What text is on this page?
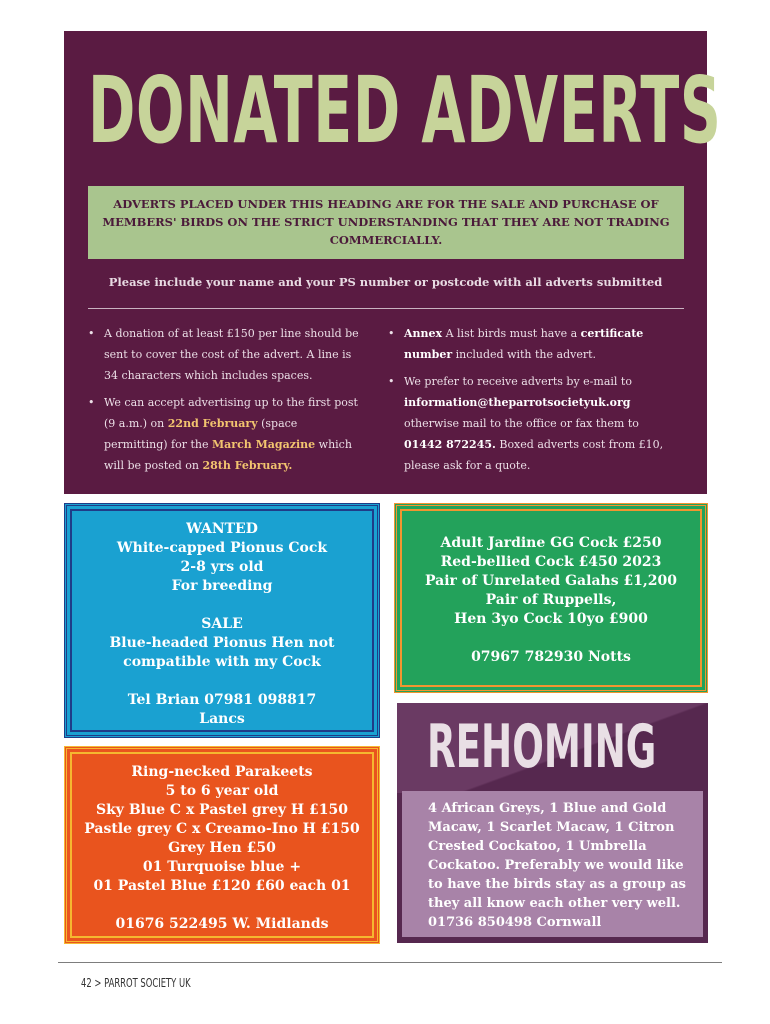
DONATED ADVERTS
ADVERTS PLACED UNDER THIS HEADING ARE FOR THE SALE AND PURCHASE OF MEMBERS' BIRDS ON THE STRICT UNDERSTANDING THAT THEY ARE NOT TRADING COMMERCIALLY.
Please include your name and your PS number or postcode with all adverts submitted
• A donation of at least £150 per line should be sent to cover the cost of the advert. A line is 34 characters which includes spaces.
• We can accept advertising up to the first post (9 a.m.) on 22nd February (space permitting) for the March Magazine which will be posted on 28th February.
• Annex A list birds must have a certificate number included with the advert.
• We prefer to receive adverts by e-mail to information@theparrotsocietyuk.org otherwise mail to the office or fax them to 01442 872245. Boxed adverts cost from £10, please ask for a quote.
WANTED
White-capped Pionus Cock
2-8 yrs old
For breeding
SALE
Blue-headed Pionus Hen not
compatible with my Cock
Tel Brian 07981 098817
Lancs
Adult Jardine GG Cock £250
Red-bellied Cock £450 2023
Pair of Unrelated Galahs £1,200
Pair of Ruppells,
Hen 3yo Cock 10yo £900
07967 782930 Notts
Ring-necked Parakeets
5 to 6 year old
Sky Blue C x Pastel grey H £150
Pastle grey C x Creamo-Ino H £150
Grey Hen £50
01 Turquoise blue +
01 Pastel Blue £120 £60 each 01
01676 522495 W. Midlands
REHOMING
4 African Greys, 1 Blue and Gold Macaw, 1 Scarlet Macaw, 1 Citron Crested Cockatoo, 1 Umbrella Cockatoo. Preferably we would like to have the birds stay as a group as they all know each other very well. 01736 850498 Cornwall
42 > PARROT SOCIETY UK
